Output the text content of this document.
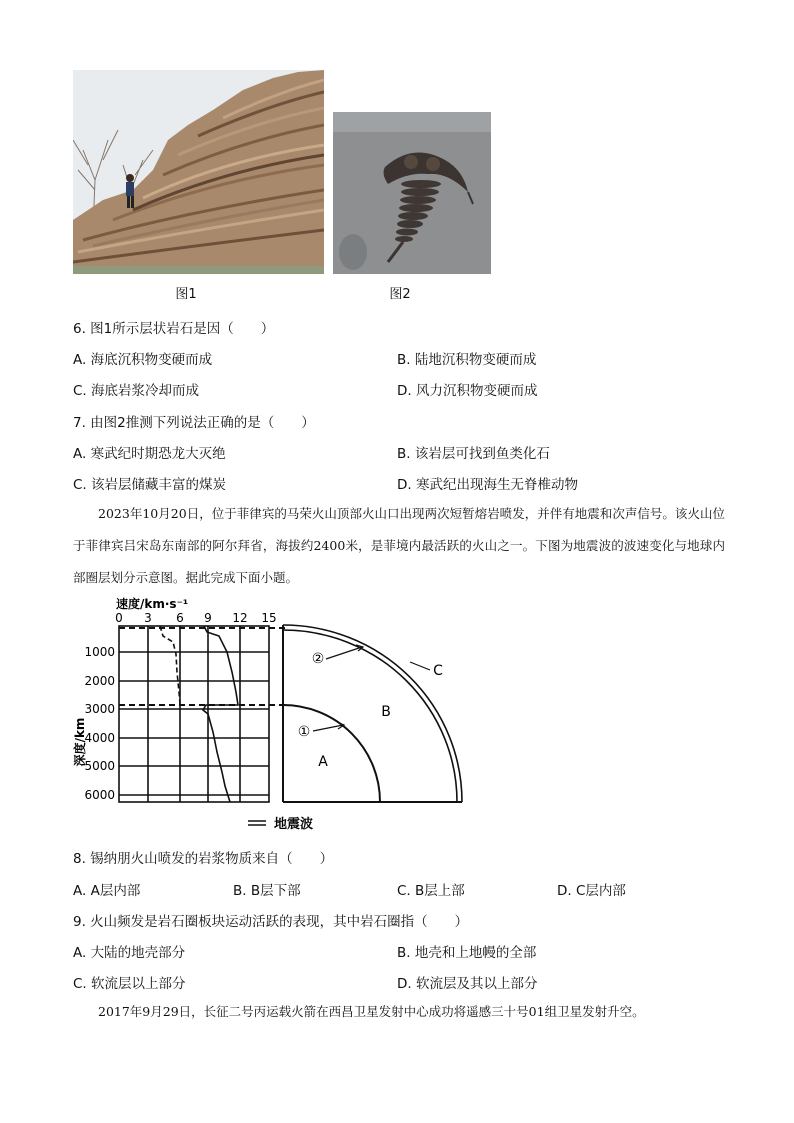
图1	图2
6. 图1所示层状岩石是因（　　）
A. 海底沉积物变硬而成	B. 陆地沉积物变硬而成
C. 海底岩浆冷却而成	D. 风力沉积物变硬而成
7. 由图2推测下列说法正确的是（　　）
A. 寒武纪时期恐龙大灭绝	B. 该岩层可找到鱼类化石
C. 该岩层储藏丰富的煤炭	D. 寒武纪出现海生无脊椎动物

2023年10月20日，位于菲律宾的马荣火山顶部火山口出现两次短暂熔岩喷发，并伴有地震和次声信号。该火山位于菲律宾吕宋岛东南部的阿尔拜省，海拔约2400米，是菲境内最活跃的火山之一。下图为地震波的波速变化与地球内部圈层划分示意图。据此完成下面小题。

速度/km·s⁻¹
0 3 6 9 12 15
1000
2000
3000
4000
5000
6000
深度/km
②
①
C
B
A
地震波
8. 锡纳朋火山喷发的岩浆物质来自（　　）
A. A层内部	B. B层下部	C. B层上部	D. C层内部
9. 火山频发是岩石圈板块运动活跃的表现，其中岩石圈指（　　）
A. 大陆的地壳部分	B. 地壳和上地幔的全部
C. 软流层以上部分	D. 软流层及其以上部分

2017年9月29日，长征二号丙运载火箭在西昌卫星发射中心成功将遥感三十号01组卫星发射升空。
